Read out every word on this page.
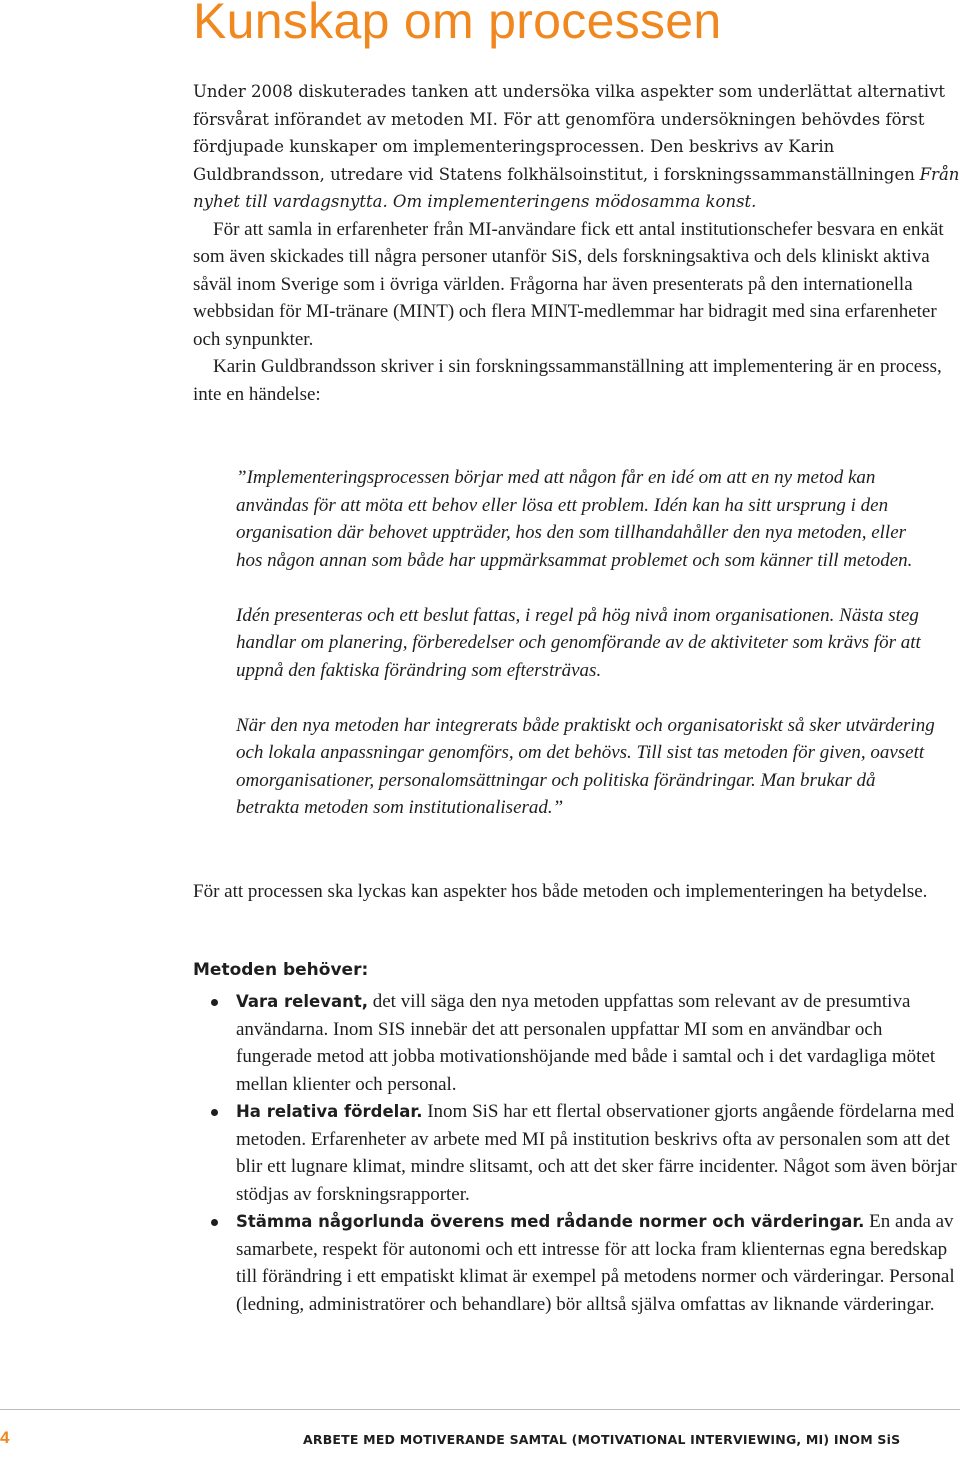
Kunskap om processen
Under 2008 diskuterades tanken att undersöka vilka aspekter som underlättat alternativt försvårat införandet av metoden MI. För att genomföra undersökningen behövdes först fördjupade kunskaper om implementeringsprocessen. Den beskrivs av Karin Guldbrandsson, utredare vid Statens folkhälsoinstitut, i forskningssammanställningen Från nyhet till vardagsnytta. Om implementeringens mödosamma konst.
För att samla in erfarenheter från MI-användare fick ett antal institutionschefer besvara en enkät som även skickades till några personer utanför SiS, dels forskningsaktiva och dels kliniskt aktiva såväl inom Sverige som i övriga världen. Frågorna har även presenterats på den internationella webbsidan för MI-tränare (MINT) och flera MINT-medlemmar har bidragit med sina erfarenheter och synpunkter.
Karin Guldbrandsson skriver i sin forskningssammanställning att implementering är en process, inte en händelse:

”Implementeringsprocessen börjar med att någon får en idé om att en ny metod kan användas för att möta ett behov eller lösa ett problem. Idén kan ha sitt ursprung i den organisation där behovet uppträder, hos den som tillhandahåller den nya metoden, eller hos någon annan som både har uppmärksammat problemet och som känner till metoden.

Idén presenteras och ett beslut fattas, i regel på hög nivå inom organisationen. Nästa steg handlar om planering, förberedelser och genomförande av de aktiviteter som krävs för att uppnå den faktiska förändring som eftersträvas.

När den nya metoden har integrerats både praktiskt och organisatoriskt så sker utvärdering och lokala anpassningar genomförs, om det behövs. Till sist tas metoden för given, oavsett omorganisationer, personalomsättningar och politiska förändringar. Man brukar då betrakta metoden som institutionaliserad.”

För att processen ska lyckas kan aspekter hos både metoden och implementeringen ha betydelse.
Metoden behöver:
Vara relevant, det vill säga den nya metoden uppfattas som relevant av de presumtiva användarna. Inom SIS innebär det att personalen uppfattar MI som en användbar och fungerade metod att jobba motivationshöjande med både i samtal och i det vardagliga mötet mellan klienter och personal.
Ha relativa fördelar. Inom SiS har ett flertal observationer gjorts angående fördelarna med metoden. Erfarenheter av arbete med MI på institution beskrivs ofta av personalen som att det blir ett lugnare klimat, mindre slitsamt, och att det sker färre incidenter. Något som även börjar stödjas av forskningsrapporter.
Stämma någorlunda överens med rådande normer och värderingar. En anda av samarbete, respekt för autonomi och ett intresse för att locka fram klienternas egna beredskap till förändring i ett empatiskt klimat är exempel på metodens normer och värderingar. Personal (ledning, administratörer och behandlare) bör alltså själva omfattas av liknande värderingar.
4	ARBETE MED MOTIVERANDE SAMTAL (MOTIVATIONAL INTERVIEWING, MI) INOM SiS
